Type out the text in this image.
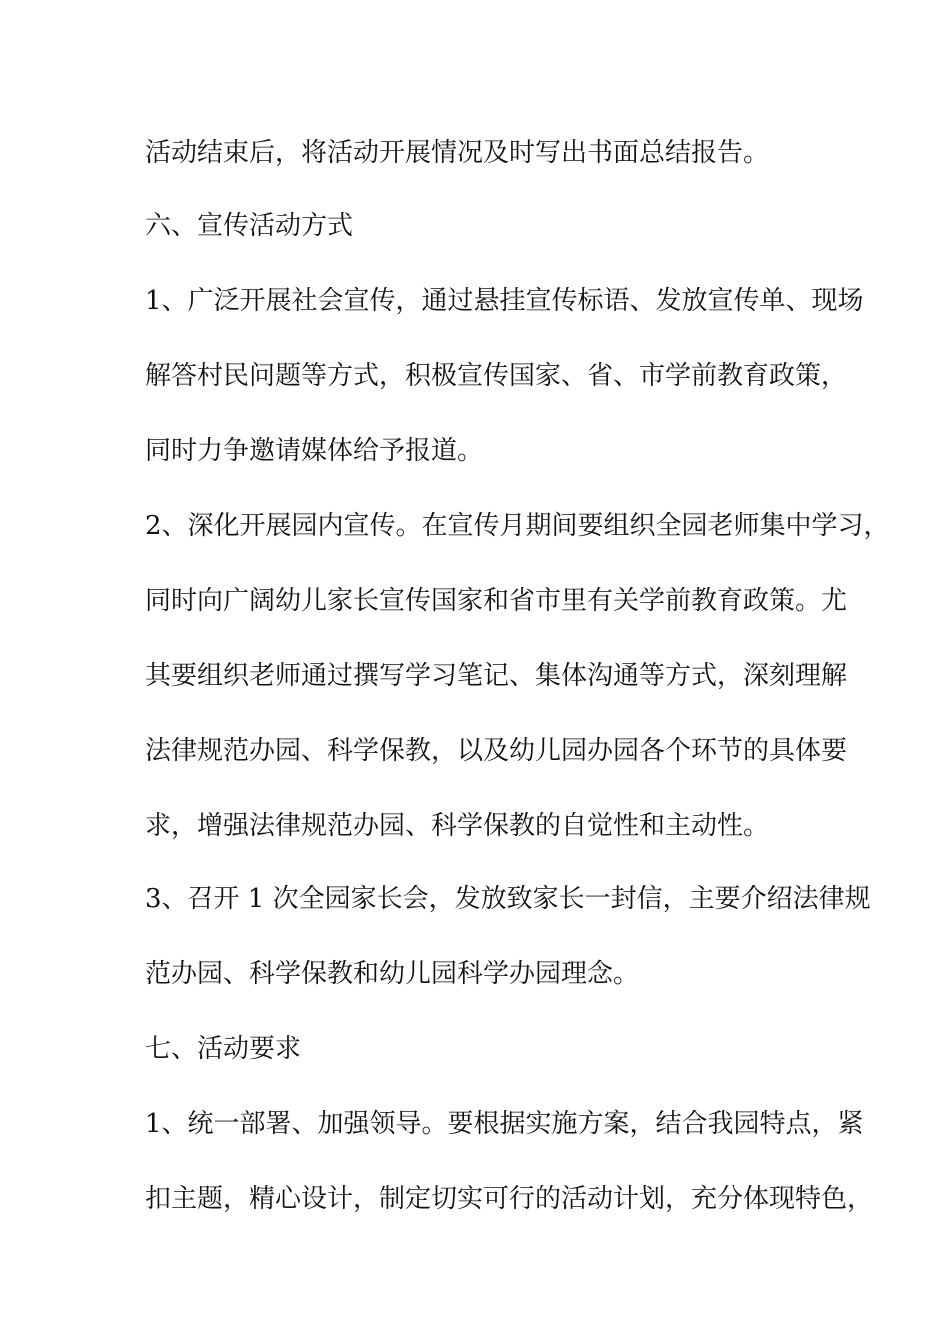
活动结束后，将活动开展情况及时写出书面总结报告。
六、宣传活动方式
1、广泛开展社会宣传，通过悬挂宣传标语、发放宣传单、现场
解答村民问题等方式，积极宣传国家、省、市学前教育政策，
同时力争邀请媒体给予报道。
2、深化开展园内宣传。在宣传月期间要组织全园老师集中学习，
同时向广阔幼儿家长宣传国家和省市里有关学前教育政策。尤
其要组织老师通过撰写学习笔记、集体沟通等方式，深刻理解
法律规范办园、科学保教，以及幼儿园办园各个环节的具体要
求，增强法律规范办园、科学保教的自觉性和主动性。
3、召开 1 次全园家长会，发放致家长一封信，主要介绍法律规
范办园、科学保教和幼儿园科学办园理念。
七、活动要求
1、统一部署、加强领导。要根据实施方案，结合我园特点，紧
扣主题，精心设计，制定切实可行的活动计划，充分体现特色，
